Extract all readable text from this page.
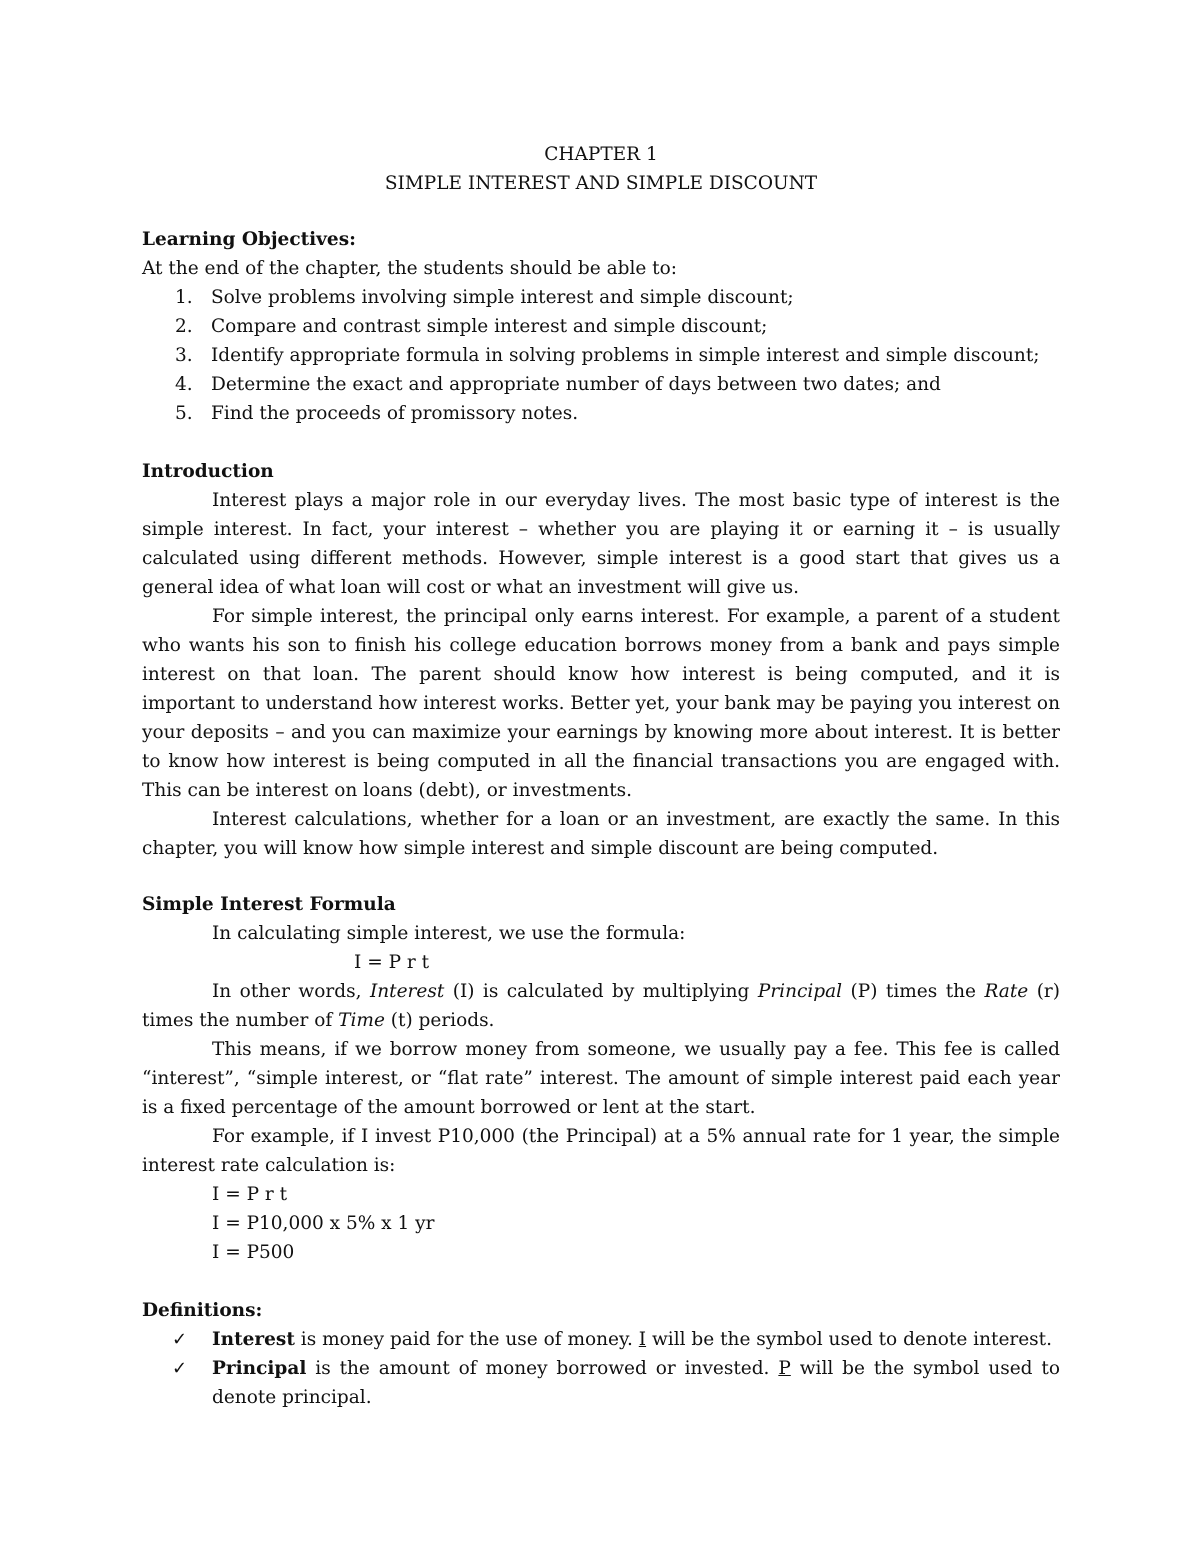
CHAPTER 1
SIMPLE INTEREST AND SIMPLE DISCOUNT

Learning Objectives:

At the end of the chapter, the students should be able to:

1. Solve problems involving simple interest and simple discount;
2. Compare and contrast simple interest and simple discount;
3. Identify appropriate formula in solving problems in simple interest and simple discount;
4. Determine the exact and appropriate number of days between two dates; and
5. Find the proceeds of promissory notes.

Introduction

Interest plays a major role in our everyday lives. The most basic type of interest is the simple interest. In fact, your interest – whether you are playing it or earning it – is usually calculated using different methods. However, simple interest is a good start that gives us a general idea of what loan will cost or what an investment will give us.

For simple interest, the principal only earns interest. For example, a parent of a student who wants his son to finish his college education borrows money from a bank and pays simple interest on that loan. The parent should know how interest is being computed, and it is important to understand how interest works. Better yet, your bank may be paying you interest on your deposits – and you can maximize your earnings by knowing more about interest. It is better to know how interest is being computed in all the financial transactions you are engaged with. This can be interest on loans (debt), or investments.

Interest calculations, whether for a loan or an investment, are exactly the same. In this chapter, you will know how simple interest and simple discount are being computed.

Simple Interest Formula

In calculating simple interest, we use the formula:

I = P r t

In other words, Interest (I) is calculated by multiplying Principal (P) times the Rate (r) times the number of Time (t) periods.

This means, if we borrow money from someone, we usually pay a fee. This fee is called “interest”, “simple interest, or “flat rate” interest. The amount of simple interest paid each year is a fixed percentage of the amount borrowed or lent at the start.

For example, if I invest P10,000 (the Principal) at a 5% annual rate for 1 year, the simple interest rate calculation is:

I = P r t

I = P10,000 x 5% x 1 yr

I = P500

Definitions:

✓ Interest is money paid for the use of money. I will be the symbol used to denote interest.
✓ Principal is the amount of money borrowed or invested. P will be the symbol used to denote principal.
